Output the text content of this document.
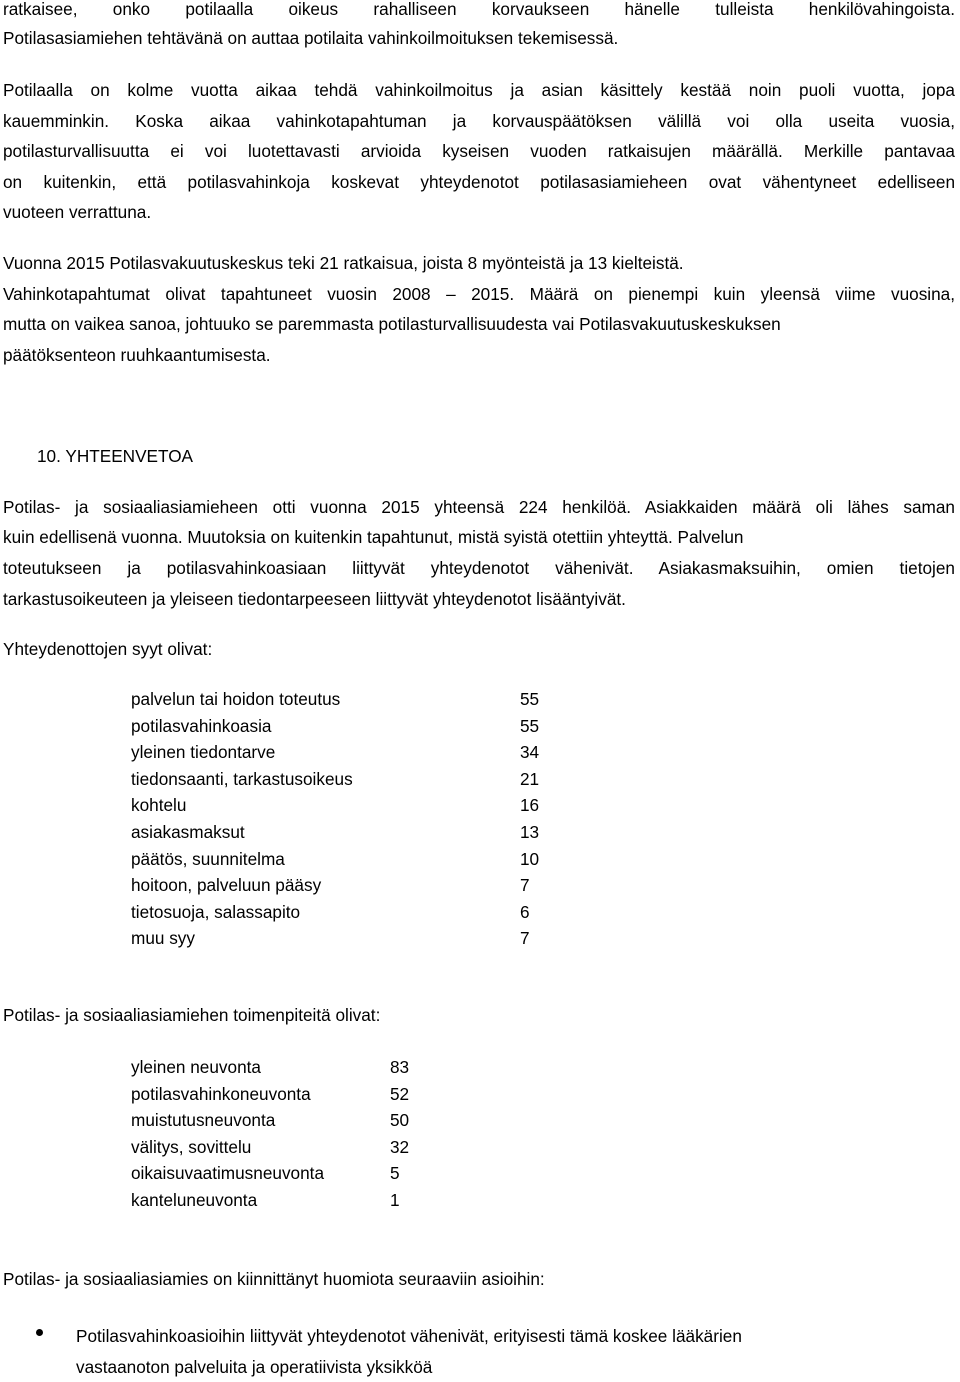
ratkaisee, onko potilaalla oikeus rahalliseen korvaukseen hänelle tulleista henkilövahingoista.
Potilasasiamiehen tehtävänä on auttaa potilaita vahinkoilmoituksen tekemisessä.
Potilaalla on kolme vuotta aikaa tehdä vahinkoilmoitus ja asian käsittely kestää noin puoli vuotta, jopa
kauemminkin. Koska aikaa vahinkotapahtuman ja korvauspäätöksen välillä voi olla useita vuosia,
potilasturvallisuutta ei voi luotettavasti arvioida kyseisen vuoden ratkaisujen määrällä. Merkille pantavaa
on kuitenkin, että potilasvahinkoja koskevat yhteydenotot potilasasiamieheen ovat vähentyneet edelliseen
vuoteen verrattuna.
Vuonna 2015 Potilasvakuutuskeskus teki 21 ratkaisua, joista 8 myönteistä ja 13 kielteistä.
Vahinkotapahtumat olivat tapahtuneet vuosin 2008 – 2015. Määrä on pienempi kuin yleensä viime vuosina,
mutta on vaikea sanoa, johtuuko se paremmasta potilasturvallisuudesta vai Potilasvakuutuskeskuksen
päätöksenteon ruuhkaantumisesta.
10. YHTEENVETOA
Potilas- ja sosiaaliasiamieheen otti vuonna 2015 yhteensä 224 henkilöä. Asiakkaiden määrä oli lähes saman
kuin edellisenä vuonna. Muutoksia on kuitenkin tapahtunut, mistä syistä otettiin yhteyttä. Palvelun
toteutukseen ja potilasvahinkoasiaan liittyvät yhteydenotot vähenivät. Asiakasmaksuihin, omien tietojen
tarkastusoikeuteen ja yleiseen tiedontarpeeseen liittyvät yhteydenotot lisääntyivät.
Yhteydenottojen syyt olivat:
palvelun tai hoidon toteutus	55
potilasvahinkoasia	55
yleinen tiedontarve	34
tiedonsaanti, tarkastusoikeus	21
kohtelu	16
asiakasmaksut	13
päätös, suunnitelma	10
hoitoon, palveluun pääsy	7
tietosuoja, salassapito	6
muu syy	7
Potilas- ja sosiaaliasiamiehen toimenpiteitä olivat:
yleinen neuvonta	83
potilasvahinkoneuvonta	52
muistutusneuvonta	50
välitys, sovittelu	32
oikaisuvaatimusneuvonta	5
kanteluneuvonta	1
Potilas- ja sosiaaliasiamies on kiinnittänyt huomiota seuraaviin asioihin:
Potilasvahinkoasioihin liittyvät yhteydenotot vähenivät, erityisesti tämä koskee lääkärien
vastaanoton palveluita ja operatiivista yksikköä
